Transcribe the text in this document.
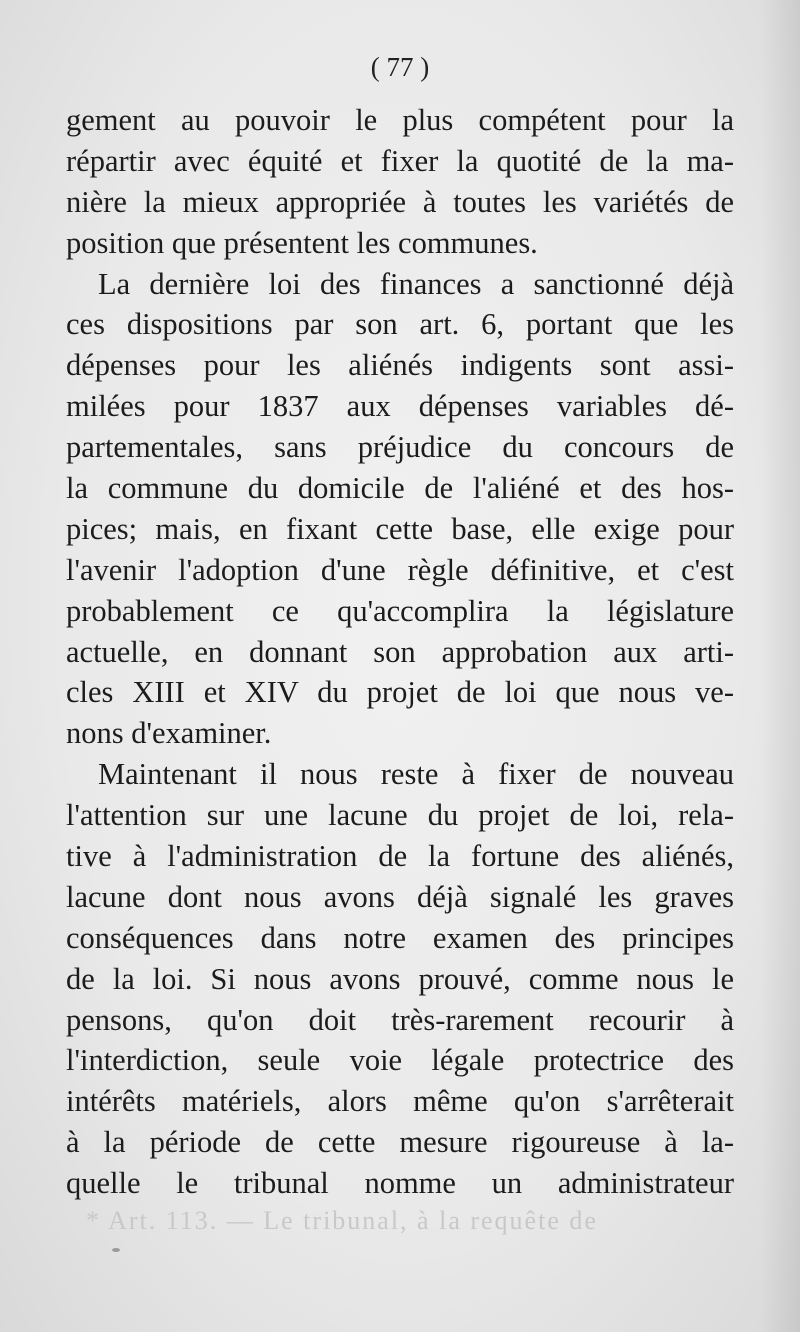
( 77 )
gement au pouvoir le plus compétent pour la
répartir avec équité et fixer la quotité de la ma-
nière la mieux appropriée à toutes les variétés de
position que présentent les communes.
La dernière loi des finances a sanctionné déjà
ces dispositions par son art. 6, portant que les
dépenses pour les aliénés indigents sont assi-
milées pour 1837 aux dépenses variables dé-
partementales, sans préjudice du concours de
la commune du domicile de l'aliéné et des hos-
pices; mais, en fixant cette base, elle exige pour
l'avenir l'adoption d'une règle définitive, et c'est
probablement ce qu'accomplira la législature
actuelle, en donnant son approbation aux arti-
cles XIII et XIV du projet de loi que nous ve-
nons d'examiner.
Maintenant il nous reste à fixer de nouveau
l'attention sur une lacune du projet de loi, rela-
tive à l'administration de la fortune des aliénés,
lacune dont nous avons déjà signalé les graves
conséquences dans notre examen des principes
de la loi. Si nous avons prouvé, comme nous le
pensons, qu'on doit très-rarement recourir à
l'interdiction, seule voie légale protectrice des
intérêts matériels, alors même qu'on s'arrêterait
à la période de cette mesure rigoureuse à la-
quelle le tribunal nomme un administrateur
* Art. 113. — Le tribunal, à la requête de
